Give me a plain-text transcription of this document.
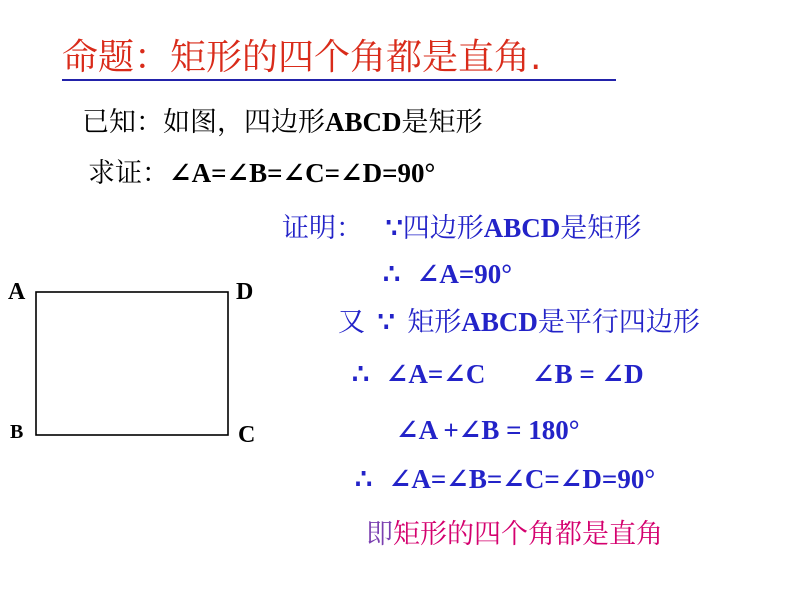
命题：矩形的四个角都是直角.
已知：如图，四边形ABCD是矩形
求证：∠A=∠B=∠C=∠D=90°
证明： ∵四边形ABCD是矩形
∴ ∠A=90°
又 ∵ 矩形ABCD是平行四边形
∴ ∠A=∠C ∠B = ∠D
∠A +∠B = 180°
∴ ∠A=∠B=∠C=∠D=90°
即矩形的四个角都是直角
A	D
B	C
